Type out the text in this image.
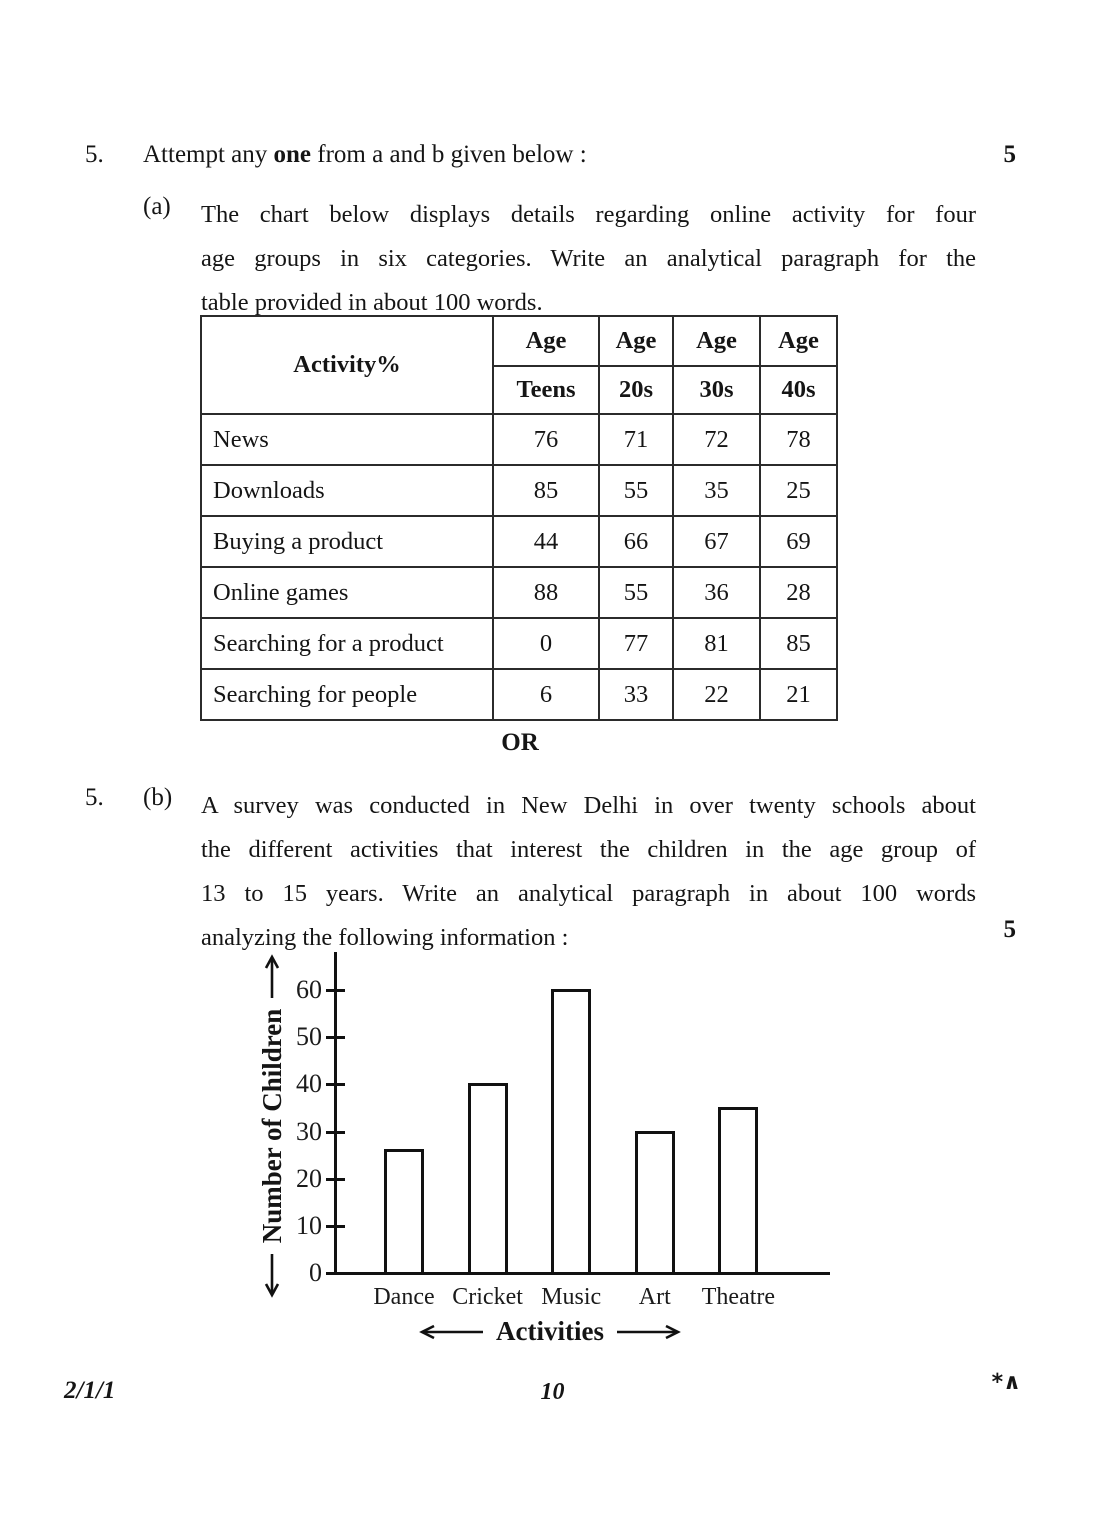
5. Attempt any one from a and b given below :	5
(a) The chart below displays details regarding online activity for four
age groups in six categories. Write an analytical paragraph for the
table provided in about 100 words.
Activity%	Age	Age	Age	Age
	Teens	20s	30s	40s
News	76	71	72	78
Downloads	85	55	35	25
Buying a product	44	66	67	69
Online games	88	55	36	28
Searching for a product	0	77	81	85
Searching for people	6	33	22	21
OR
5. (b) A survey was conducted in New Delhi in over twenty schools about
the different activities that interest the children in the age group of
13 to 15 years. Write an analytical paragraph in about 100 words
analyzing the following information :	5
Number of Children
Activities
0
10
20
30
40
50
60
Dance Cricket Music	Art	Theatre
2/1/1	10	*∧
